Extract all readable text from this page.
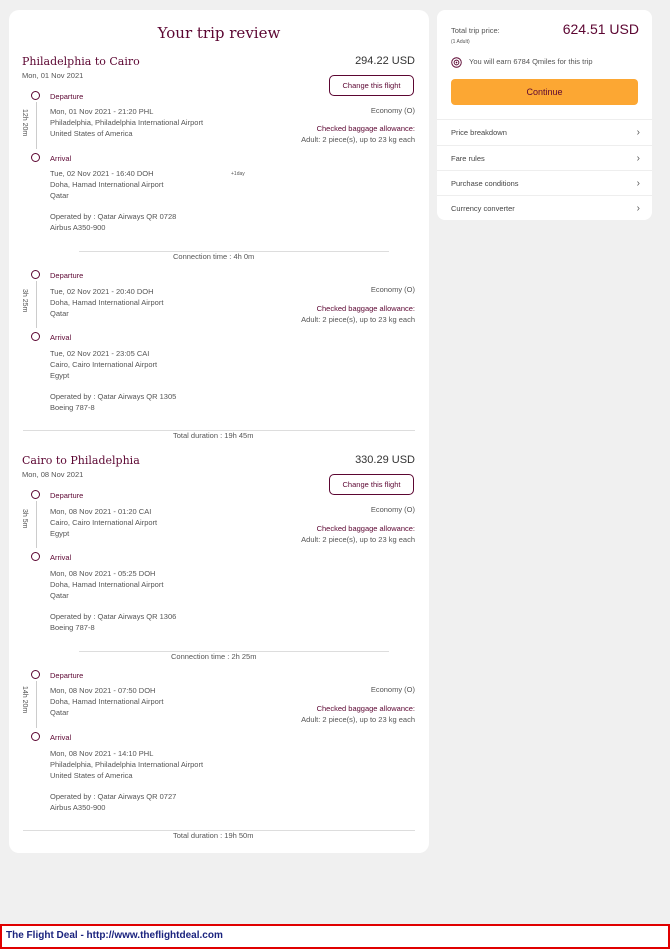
Your trip review
Philadelphia to Cairo	294.22 USD
Mon, 01 Nov 2021
Change this flight
Departure
12h 20m	Mon, 01 Nov 2021 - 21:20 PHL
Philadelphia, Philadelphia International Airport
United States of America
Economy (O)
Checked baggage allowance:
Adult: 2 piece(s), up to 23 kg each
Arrival
Tue, 02 Nov 2021 - 16:40 DOH	+1day
Doha, Hamad International Airport
Qatar
Operated by : Qatar Airways QR 0728
Airbus A350-900
Connection time : 4h 0m
Departure
3h 25m	Tue, 02 Nov 2021 - 20:40 DOH
Doha, Hamad International Airport
Qatar
Economy (O)
Checked baggage allowance:
Adult: 2 piece(s), up to 23 kg each
Arrival
Tue, 02 Nov 2021 - 23:05 CAI
Cairo, Cairo International Airport
Egypt
Operated by : Qatar Airways QR 1305
Boeing 787-8
Total duration : 19h 45m
Cairo to Philadelphia	330.29 USD
Mon, 08 Nov 2021
Change this flight
Departure
3h 5m	Mon, 08 Nov 2021 - 01:20 CAI
Cairo, Cairo International Airport
Egypt
Economy (O)
Checked baggage allowance:
Adult: 2 piece(s), up to 23 kg each
Arrival
Mon, 08 Nov 2021 - 05:25 DOH
Doha, Hamad International Airport
Qatar
Operated by : Qatar Airways QR 1306
Boeing 787-8
Connection time : 2h 25m
Departure
14h 20m	Mon, 08 Nov 2021 - 07:50 DOH
Doha, Hamad International Airport
Qatar
Economy (O)
Checked baggage allowance:
Adult: 2 piece(s), up to 23 kg each
Arrival
Mon, 08 Nov 2021 - 14:10 PHL
Philadelphia, Philadelphia International Airport
United States of America
Operated by : Qatar Airways QR 0727
Airbus A350-900
Total duration : 19h 50m
Total trip price:
(1 Adult)
624.51 USD
You will earn 6784 Qmiles for this trip
Continue
Price breakdown	›
Fare rules	›
Purchase conditions	›
Currency converter	›
The Flight Deal - http://www.theflightdeal.com
